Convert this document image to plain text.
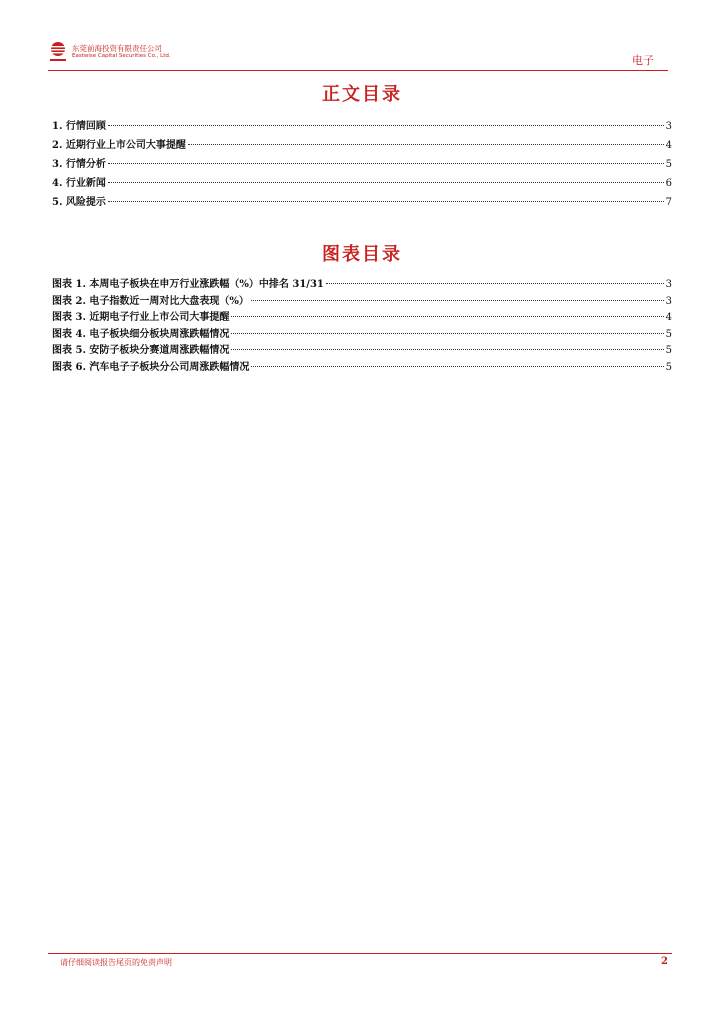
东莞前海投资有限责任公司
Eastwise Capital Securities Co., Ltd.	电子
正文目录
1. 行情回顾	3
2. 近期行业上市公司大事提醒	4
3. 行情分析	5
4. 行业新闻	6
5. 风险提示	7
图表目录
图表 1. 本周电子板块在申万行业涨跌幅（%）中排名 31/31	3
图表 2. 电子指数近一周对比大盘表现（%）	3
图表 3. 近期电子行业上市公司大事提醒	4
图表 4. 电子板块细分板块周涨跌幅情况	5
图表 5. 安防子板块分赛道周涨跌幅情况	5
图表 6. 汽车电子子板块分公司周涨跌幅情况	5
请仔细阅读报告尾页的免责声明	2
